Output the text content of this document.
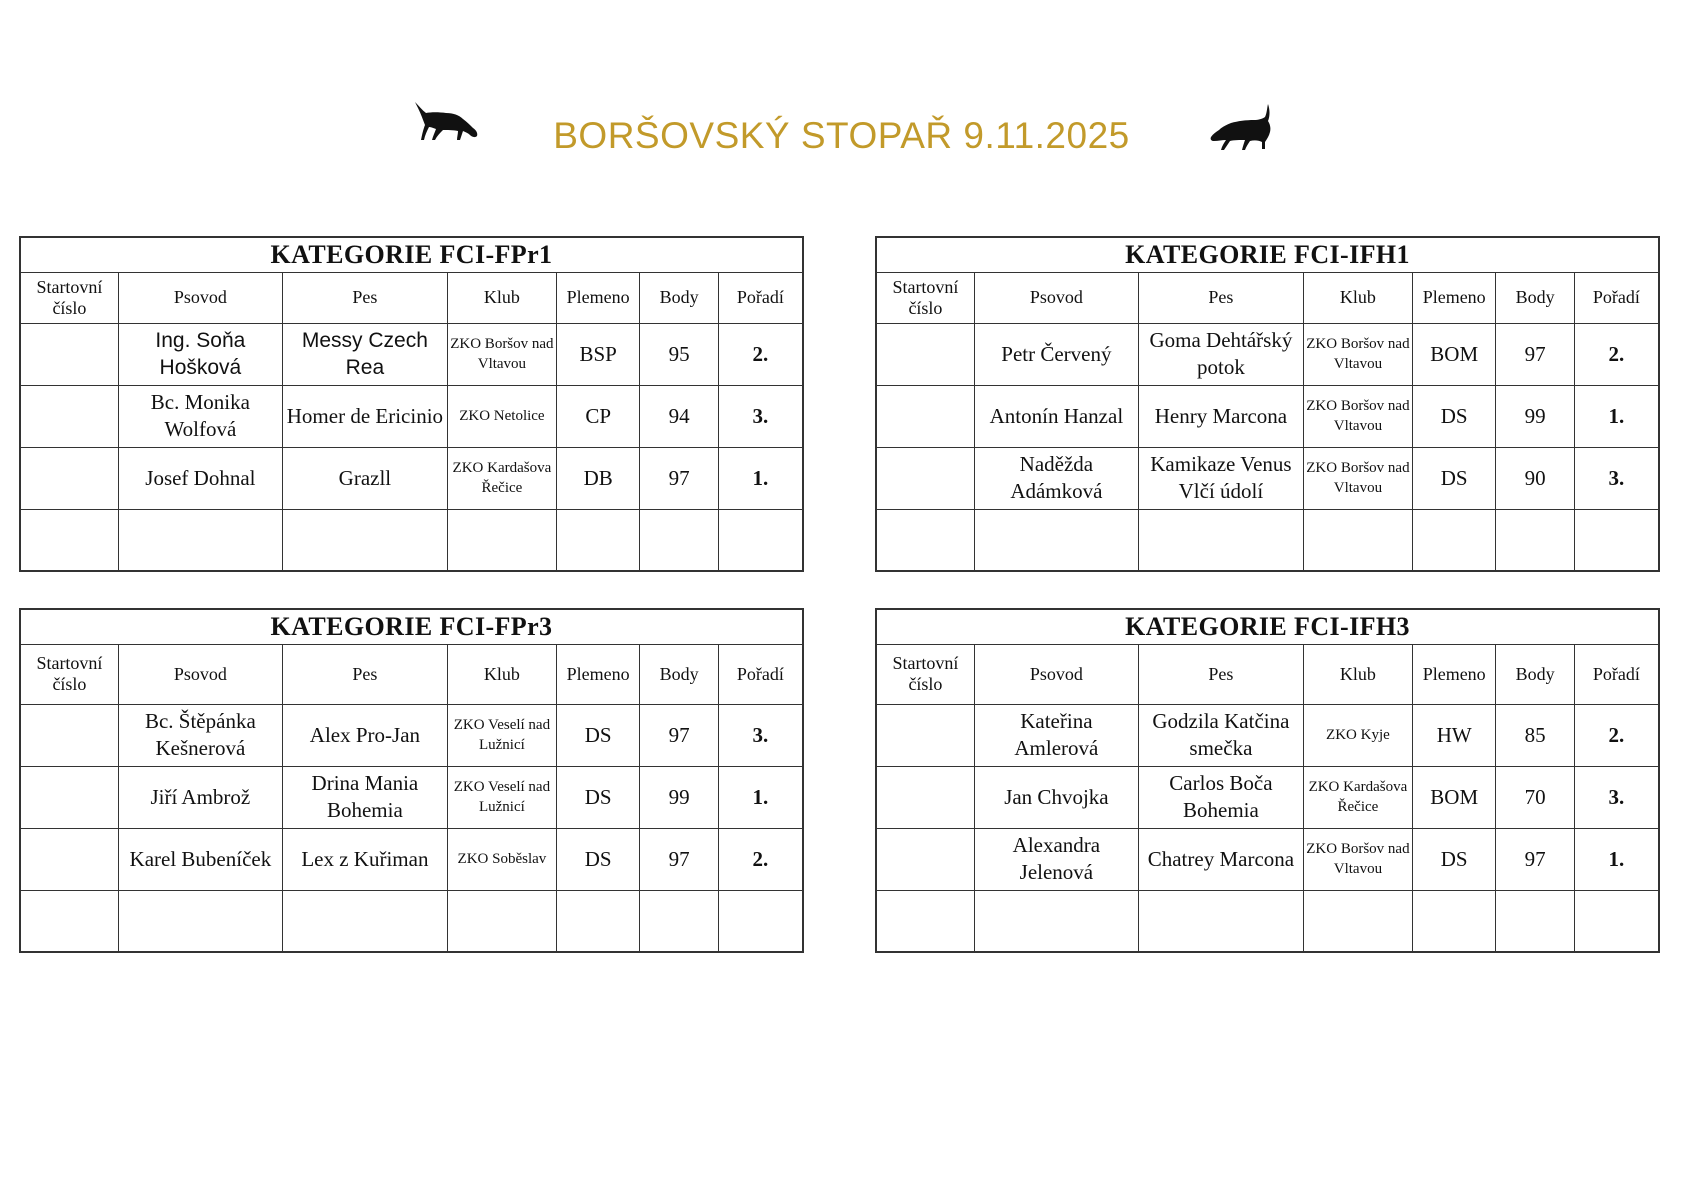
BORŠOVSKÝ STOPAŘ 9.11.2025
KATEGORIE FCI-FPr1						
Startovní číslo	Psovod	Pes	Klub	Plemeno	Body	Pořadí
	Ing. Soňa Hošková	Messy Czech Rea	ZKO Boršov nad Vltavou	BSP	95	2.
	Bc. Monika Wolfová	Homer de Ericinio	ZKO Netolice	CP	94	3.
	Josef Dohnal	Grazll	ZKO Kardašova Řečice	DB	97	1.

KATEGORIE FCI-IFH1						
Startovní číslo	Psovod	Pes	Klub	Plemeno	Body	Pořadí
	Petr Červený	Goma Dehtářský potok	ZKO Boršov nad Vltavou	BOM	97	2.
	Antonín Hanzal	Henry Marcona	ZKO Boršov nad Vltavou	DS	99	1.
	Naděžda Adámková	Kamikaze Venus Vlčí údolí	ZKO Boršov nad Vltavou	DS	90	3.

KATEGORIE FCI-FPr3						
Startovní číslo	Psovod	Pes	Klub	Plemeno	Body	Pořadí
	Bc. Štěpánka Kešnerová	Alex Pro-Jan	ZKO Veselí nad Lužnicí	DS	97	3.
	Jiří Ambrož	Drina Mania Bohemia	ZKO Veselí nad Lužnicí	DS	99	1.
	Karel Bubeníček	Lex z Kuřiman	ZKO Soběslav	DS	97	2.

KATEGORIE FCI-IFH3						
Startovní číslo	Psovod	Pes	Klub	Plemeno	Body	Pořadí
	Kateřina Amlerová	Godzila Katčina smečka	ZKO Kyje	HW	85	2.
	Jan Chvojka	Carlos Boča Bohemia	ZKO Kardašova Řečice	BOM	70	3.
	Alexandra Jelenová	Chatrey Marcona	ZKO Boršov nad Vltavou	DS	97	1.
